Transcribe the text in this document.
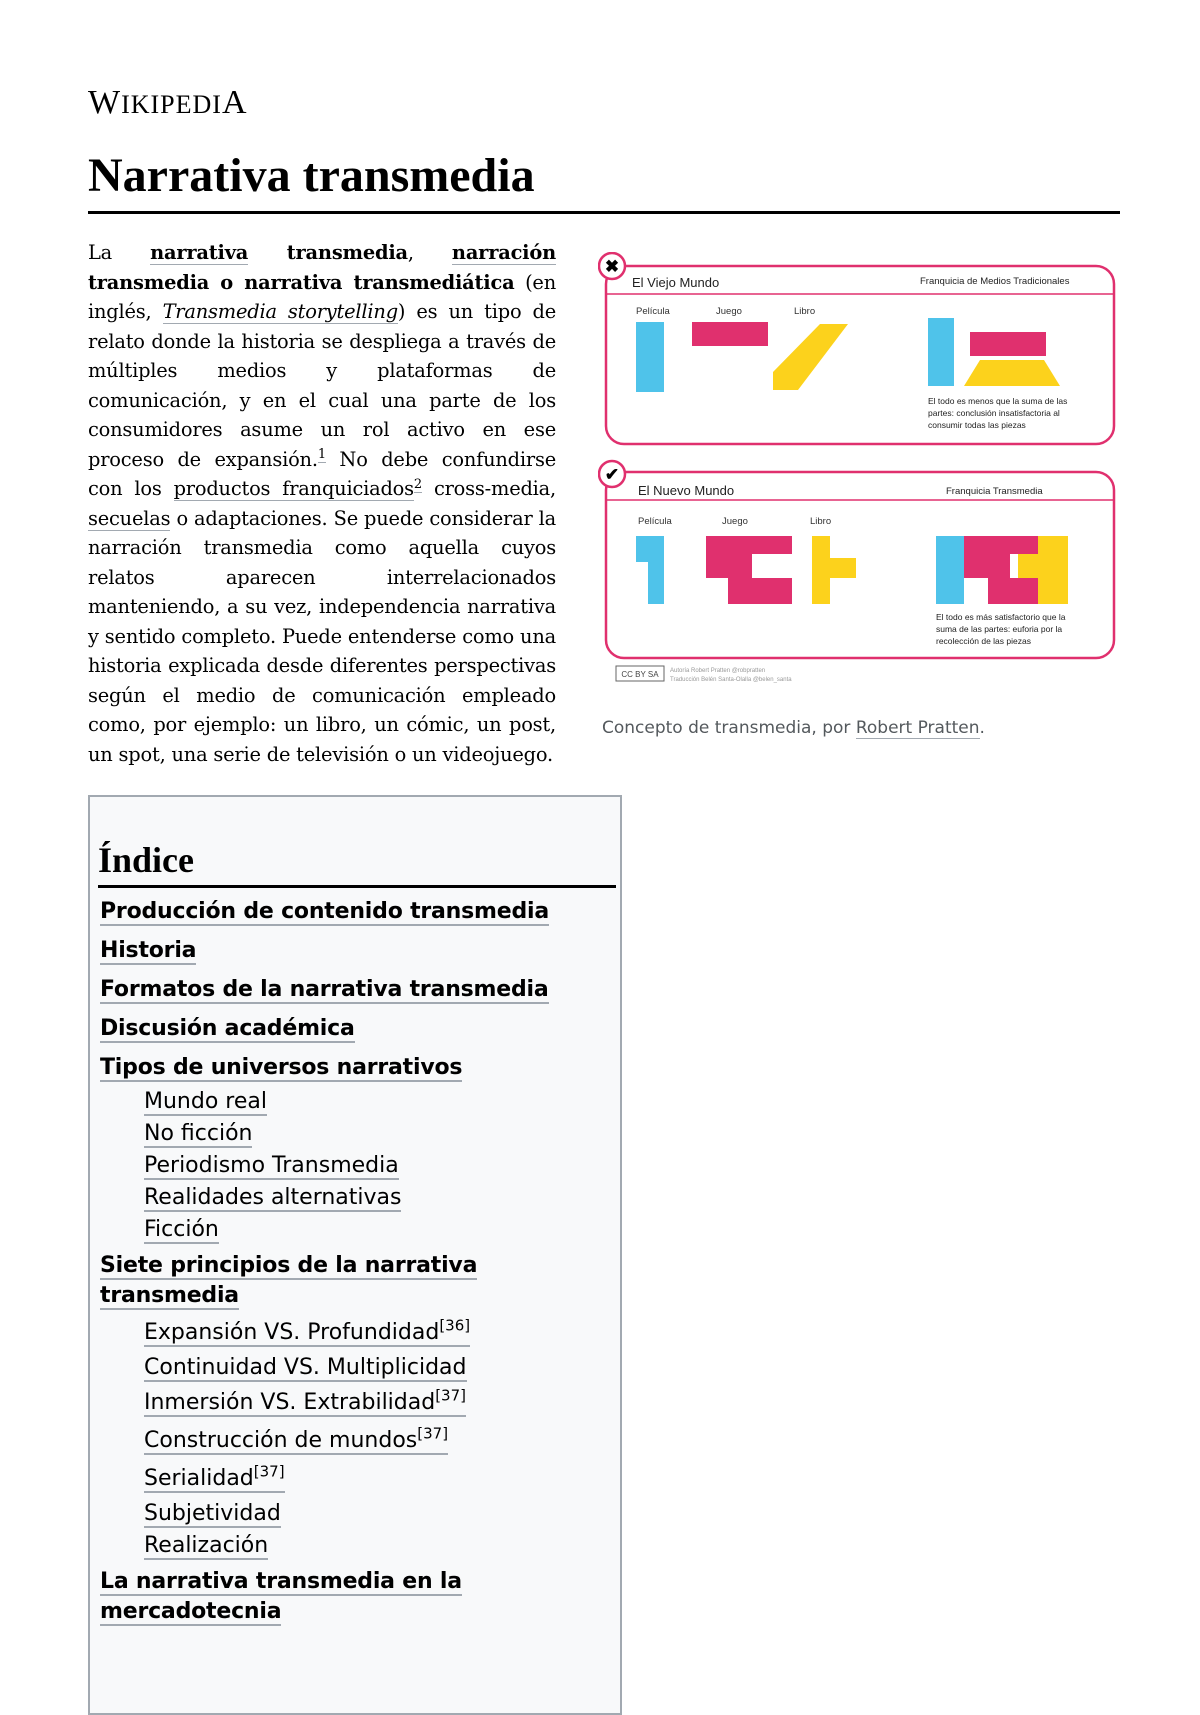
WIKIPEDIA
Narrativa transmedia

La narrativa transmedia, narración transmedia o narrativa transmediática (en inglés, Transmedia storytelling) es un tipo de relato donde la historia se despliega a través de múltiples medios y plataformas de comunicación, y en el cual una parte de los consumidores asume un rol activo en ese proceso de expansión.$^1$ No debe confundirse con los productos franquiciados$^2$ cross-media, secuelas o adaptaciones. Se puede considerar la narración transmedia como aquella cuyos relatos aparecen interrelacionados manteniendo, a su vez, independencia narrativa y sentido completo. Puede entenderse como una historia explicada desde diferentes perspectivas según el medio de comunicación empleado como, por ejemplo: un libro, un cómic, un post, un spot, una serie de televisión o un videojuego.

✖
El Viejo Mundo	Franquicia de Medios Tradicionales
Película	Juego	Libro
El todo es menos que la suma de las
partes: conclusión insatisfactoria al
consumir todas las piezas
✔
El Nuevo Mundo	Franquicia Transmedia
Película	Juego	Libro
El todo es más satisfactorio que la
suma de las partes: euforia por la
recolección de las piezas
CC BY SA Autoría Robert Pratten @robpratten
Traducción Belén Santa-Olalla @belen_santa
Concepto de transmedia, por Robert Pratten.
Índice
Producción de contenido transmedia
Historia
Formatos de la narrativa transmedia
Discusión académica
Tipos de universos narrativos
Mundo real
No ficción
Periodismo Transmedia
Realidades alternativas
Ficción
Siete principios de la narrativa transmedia
Expansión VS. Profundidad[36]
Continuidad VS. Multiplicidad
Inmersión VS. Extrabilidad[37]
Construcción de mundos[37]
Serialidad[37]
Subjetividad
Realización
La narrativa transmedia en la mercadotecnia
